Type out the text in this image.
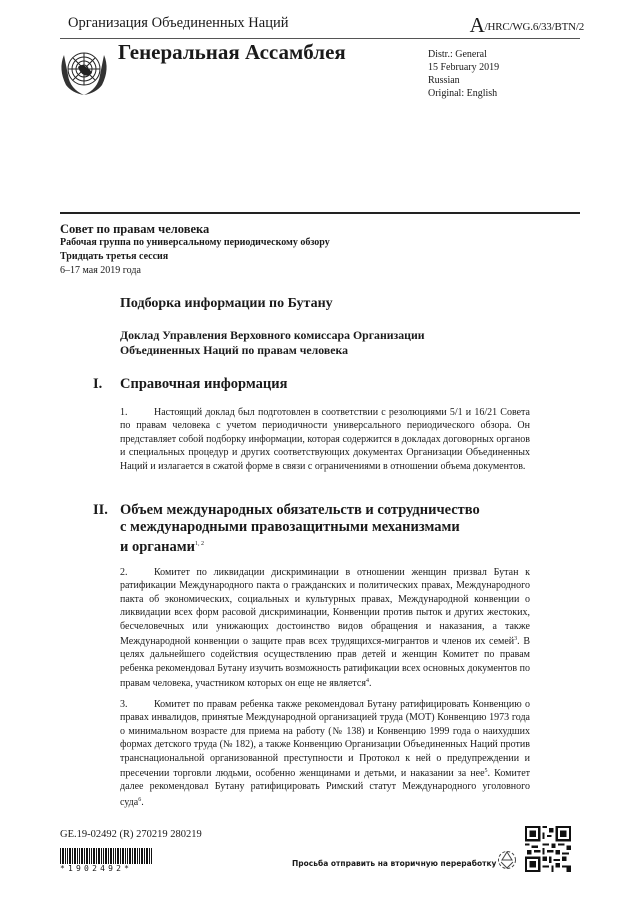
Организация Объединенных Наций	A/HRC/WG.6/33/BTN/2
Генеральная Ассамблея	Distr.: General
15 February 2019
Russian
Original: English
Совет по правам человека
Рабочая группа по универсальному периодическому обзору
Тридцать третья сессия
6–17 мая 2019 года
Подборка информации по Бутану
Доклад Управления Верховного комиссара Организации
Объединенных Наций по правам человека
I. Справочная информация
1.	Настоящий доклад был подготовлен в соответствии с резолюциями 5/1 и 16/21 Совета по правам человека с учетом периодичности универсального периодического обзора. Он представляет собой подборку информации, которая содержится в докладах договорных органов и специальных процедур и других соответствующих документах Организации Объединенных Наций и излагается в сжатой форме в связи с ограничениями в отношении объема документов.
II. Объем международных обязательств и сотрудничество
с международными правозащитными механизмами
и органами$^{1, 2}$
2.	Комитет по ликвидации дискриминации в отношении женщин призвал Бутан к ратификации Международного пакта о гражданских и политических правах, Международного пакта об экономических, социальных и культурных правах, Международной конвенции о ликвидации всех форм расовой дискриминации, Конвенции против пыток и других жестоких, бесчеловечных или унижающих достоинство видов обращения и наказания, а также Международной конвенции о защите прав всех трудящихся-мигрантов и членов их семей$^3$. В целях дальнейшего содействия осуществлению прав детей и женщин Комитет по правам ребенка рекомендовал Бутану изучить возможность ратификации всех основных документов по правам человека, участником которых он еще не является$^4$.
3.	Комитет по правам ребенка также рекомендовал Бутану ратифицировать Конвенцию о правах инвалидов, принятые Международной организацией труда (МОТ) Конвенцию 1973 года о минимальном возрасте для приема на работу (№ 138) и Конвенцию 1999 года о наихудших формах детского труда (№ 182), а также Конвенцию Организации Объединенных Наций против транснациональной организованной преступности и Протокол к ней о предупреждении и пресечении торговли людьми, особенно женщинами и детьми, и наказании за нее$^5$. Комитет далее рекомендовал Бутану ратифицировать Римский статут Международного уголовного суда$^6$.
GE.19-02492 (R) 270219 280219
*1902492*
Просьба отправить на вторичную переработку
